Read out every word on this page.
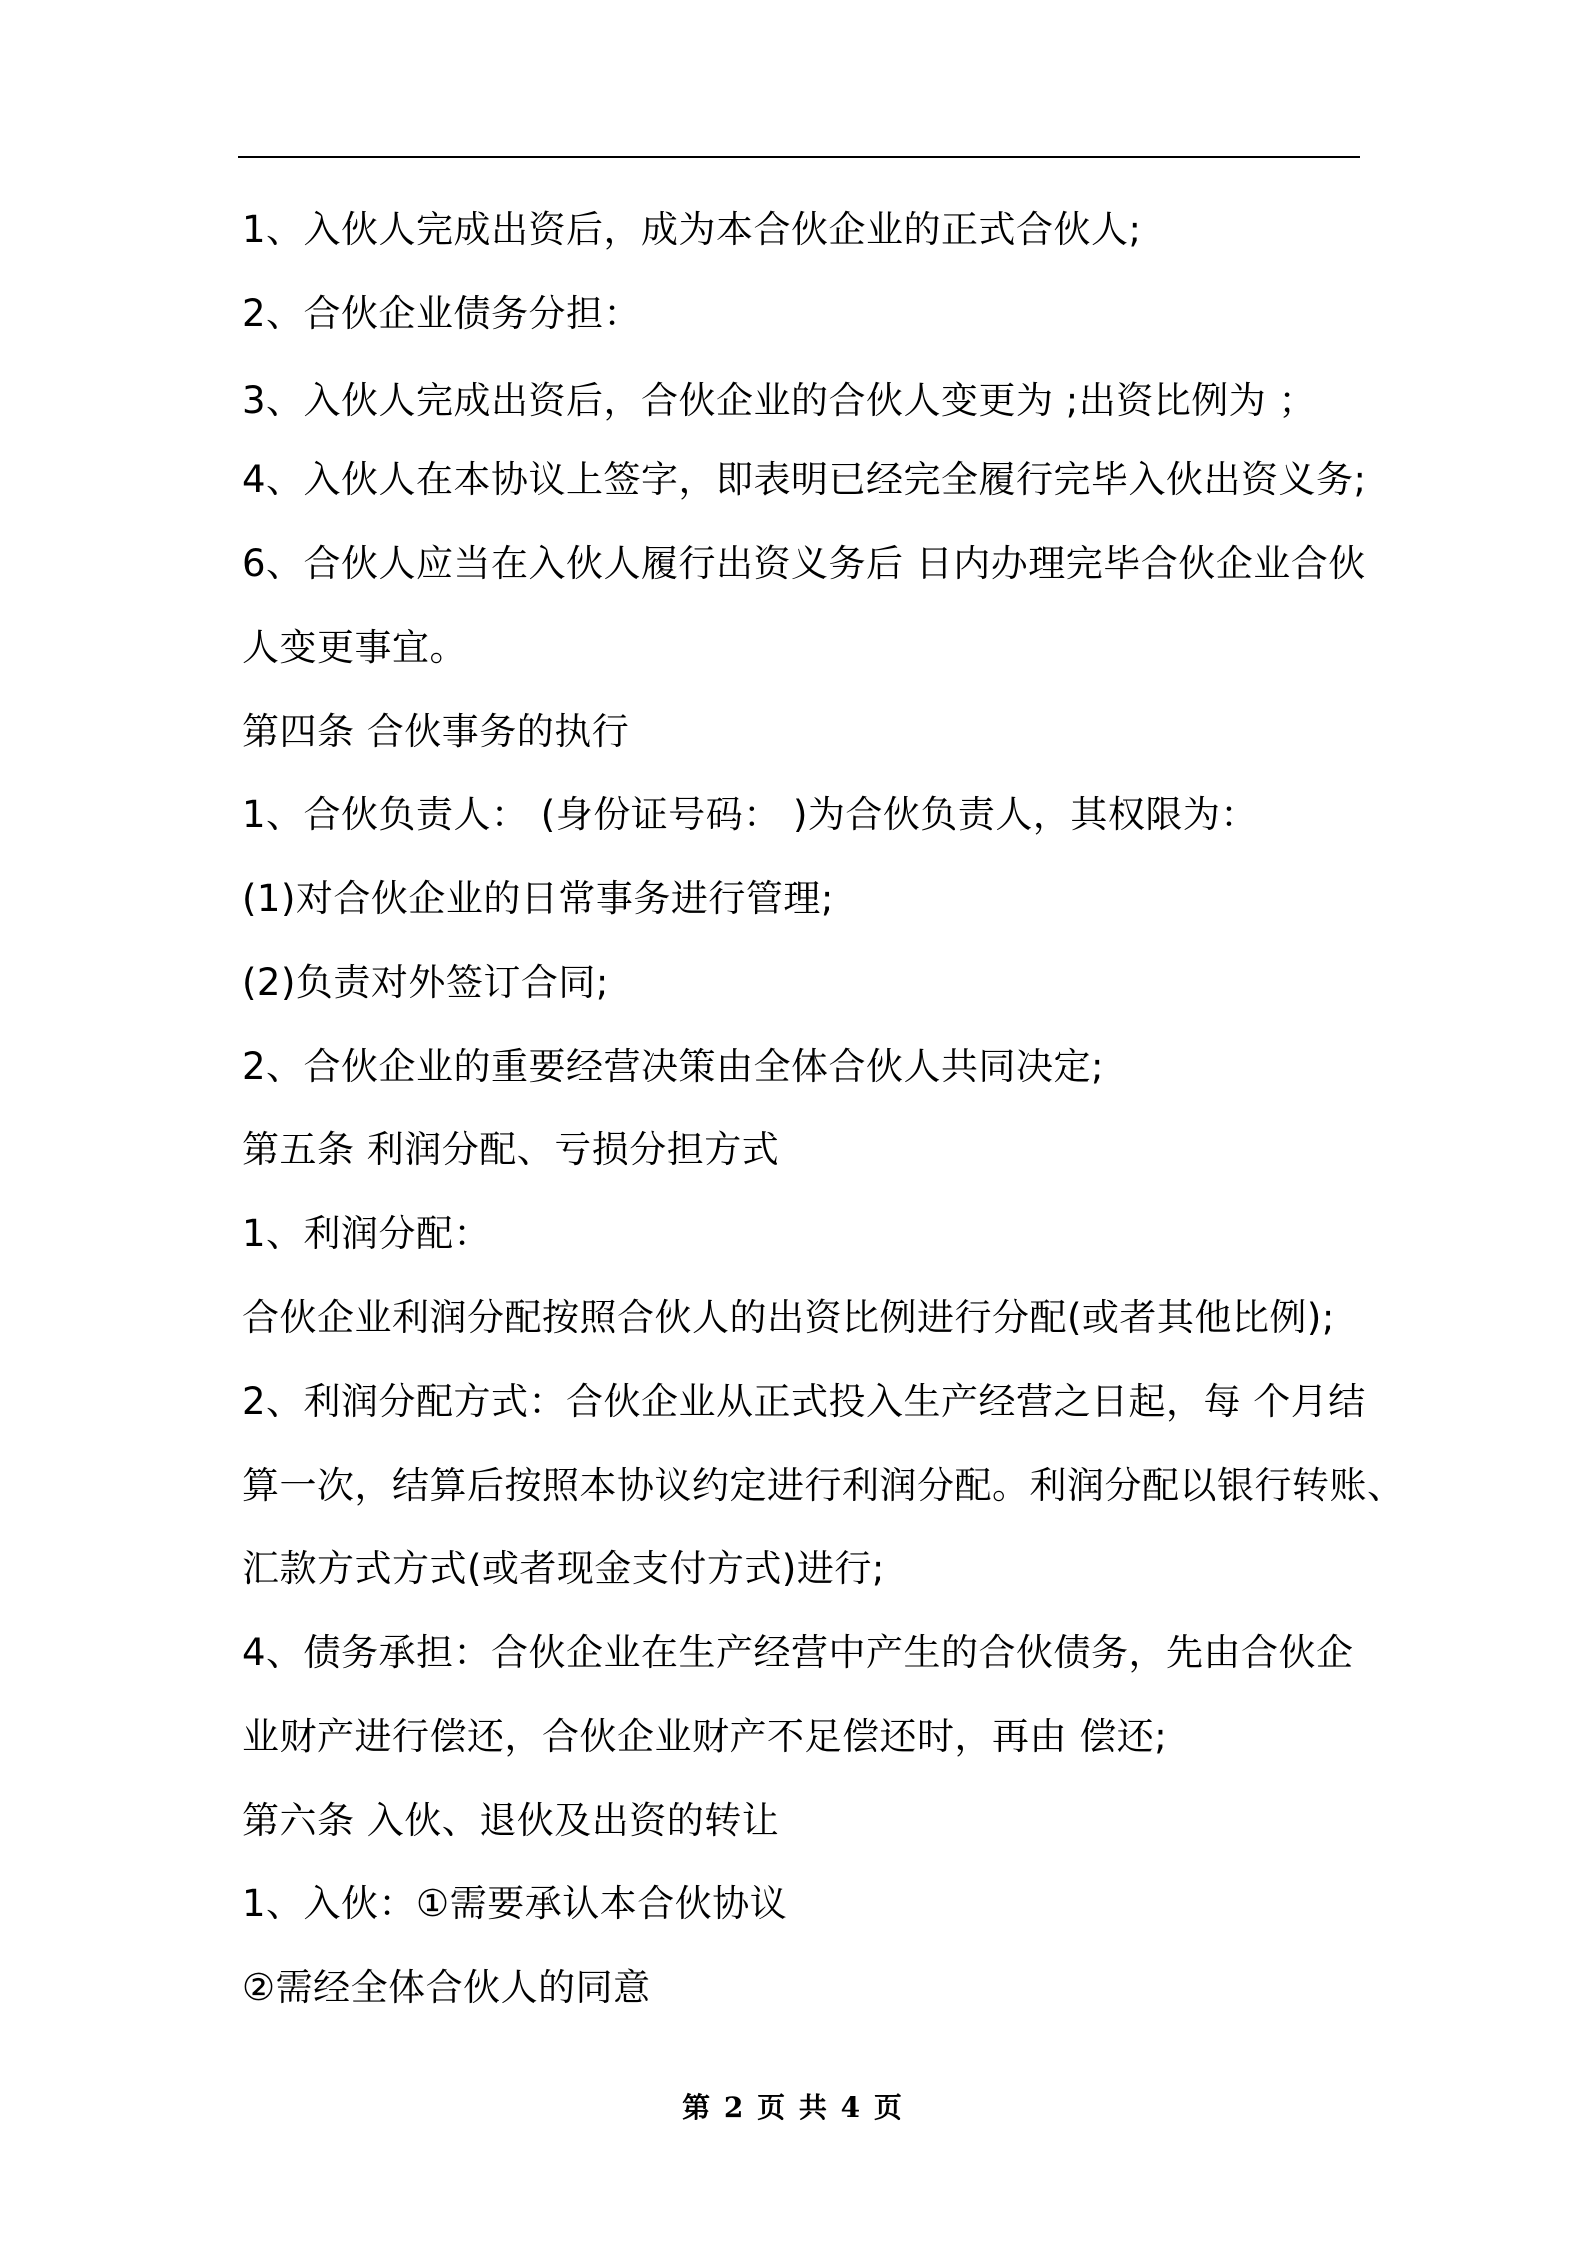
1、入伙人完成出资后，成为本合伙企业的正式合伙人;
2、合伙企业债务分担：
3、入伙人完成出资后，合伙企业的合伙人变更为 ;出资比例为 ；
4、入伙人在本协议上签字，即表明已经完全履行完毕入伙出资义务;
6、合伙人应当在入伙人履行出资义务后 日内办理完毕合伙企业合伙
人变更事宜。
第四条 合伙事务的执行
1、合伙负责人： (身份证号码： )为合伙负责人，其权限为：
(1)对合伙企业的日常事务进行管理;
(2)负责对外签订合同;
2、合伙企业的重要经营决策由全体合伙人共同决定;
第五条 利润分配、亏损分担方式
1、利润分配：
合伙企业利润分配按照合伙人的出资比例进行分配(或者其他比例);
2、利润分配方式：合伙企业从正式投入生产经营之日起，每 个月结
算一次，结算后按照本协议约定进行利润分配。利润分配以银行转账、
汇款方式方式(或者现金支付方式)进行;
4、债务承担：合伙企业在生产经营中产生的合伙债务，先由合伙企
业财产进行偿还，合伙企业财产不足偿还时，再由 偿还;
第六条 入伙、退伙及出资的转让
1、入伙：①需要承认本合伙协议
②需经全体合伙人的同意
第 2 页 共 4 页
